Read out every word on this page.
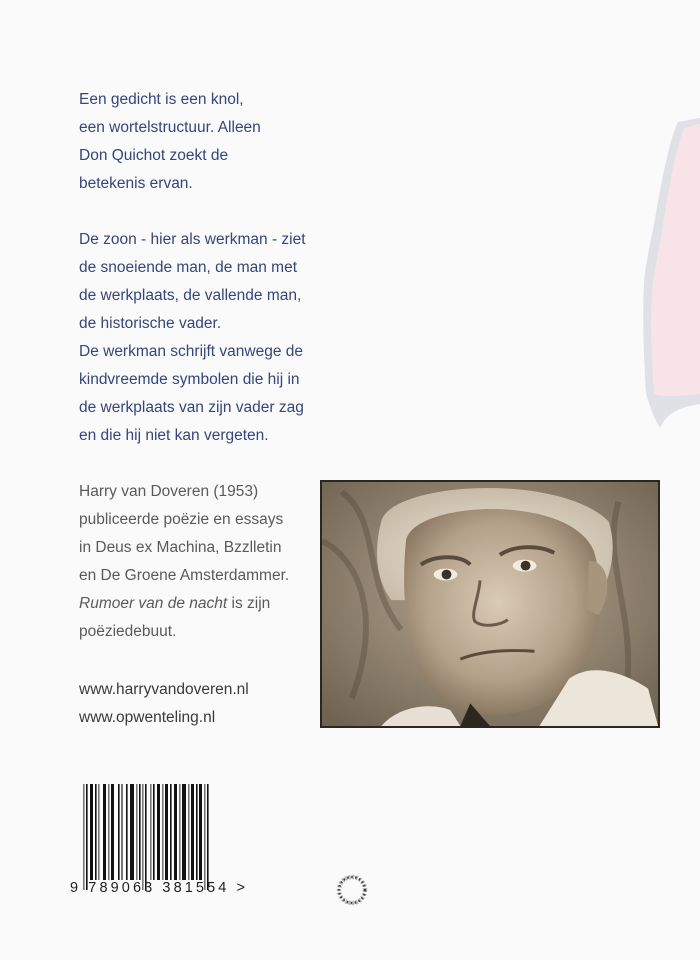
Een gedicht is een knol,

een wortelstructuur. Alleen

Don Quichot zoekt de

betekenis ervan.

De zoon - hier als werkman - ziet

de snoeiende man, de man met

de werkplaats, de vallende man,

de historische vader.

De werkman schrijft vanwege de

kindvreemde symbolen die hij in

de werkplaats van zijn vader zag

en die hij niet kan vergeten.

Harry van Doveren (1953)

publiceerde poëzie en essays

in Deus ex Machina, Bzzlletin

en De Groene Amsterdammer.

Rumoer van de nacht is zijn

poëziedebuut.

www.harryvandoveren.nl
www.opwenteling.nl
9 789063 381554 >
